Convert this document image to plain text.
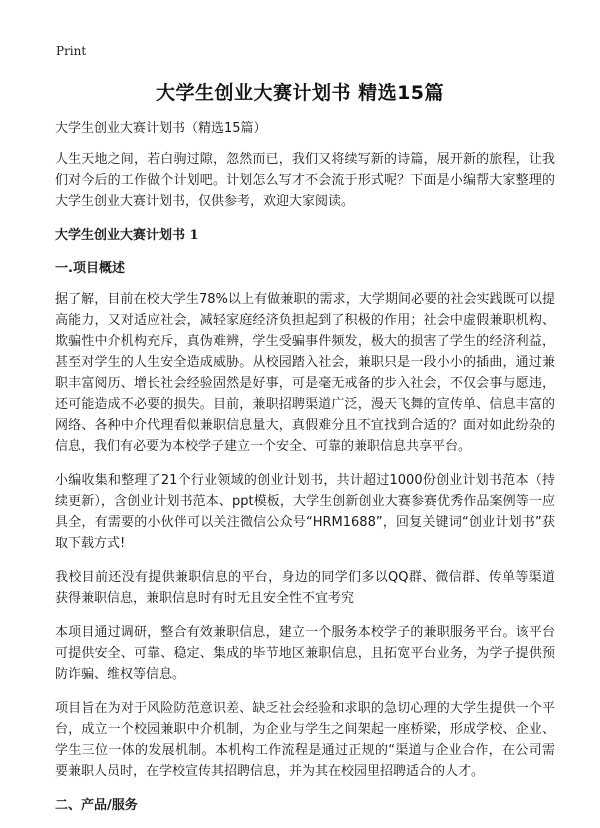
Print
大学生创业大赛计划书 精选15篇

大学生创业大赛计划书（精选15篇）

人生天地之间，若白驹过隙，忽然而已，我们又将续写新的诗篇，展开新的旅程，让我们对今后的工作做个计划吧。计划怎么写才不会流于形式呢？下面是小编帮大家整理的大学生创业大赛计划书，仅供参考，欢迎大家阅读。

大学生创业大赛计划书 1

一.项目概述

据了解，目前在校大学生78%以上有做兼职的需求，大学期间必要的社会实践既可以提高能力，又对适应社会，减轻家庭经济负担起到了积极的作用；社会中虚假兼职机构、欺骗性中介机构充斥，真伪难辨，学生受骗事件频发，极大的损害了学生的经济利益，甚至对学生的人生安全造成威胁。从校园踏入社会，兼职只是一段小小的插曲，通过兼职丰富阅历、增长社会经验固然是好事，可是毫无戒备的步入社会，不仅会事与愿违，还可能造成不必要的损失。目前，兼职招聘渠道广泛，漫天飞舞的宣传单、信息丰富的网络、各种中介代理看似兼职信息量大，真假难分且不宜找到合适的？面对如此纷杂的信息，我们有必要为本校学子建立一个安全、可靠的兼职信息共享平台。

小编收集和整理了21个行业领域的创业计划书，共计超过1000份创业计划书范本（持续更新），含创业计划书范本、ppt模板，大学生创新创业大赛参赛优秀作品案例等一应具全，有需要的小伙伴可以关注微信公众号“HRM1688”，回复关键词“创业计划书”获取下载方式!

我校目前还没有提供兼职信息的平台，身边的同学们多以QQ群、微信群、传单等渠道获得兼职信息，兼职信息时有时无且安全性不宜考究

本项目通过调研，整合有效兼职信息，建立一个服务本校学子的兼职服务平台。该平台可提供安全、可靠、稳定、集成的毕节地区兼职信息，且拓宽平台业务，为学子提供预防诈骗、维权等信息。

项目旨在为对于风险防范意识差、缺乏社会经验和求职的急切心理的大学生提供一个平台，成立一个校园兼职中介机制，为企业与学生之间架起一座桥梁，形成学校、企业、学生三位一体的发展机制。本机构工作流程是通过正规的“渠道与企业合作，在公司需要兼职人员时，在学校宣传其招聘信息，并为其在校园里招聘适合的人才。

二、产品/服务
